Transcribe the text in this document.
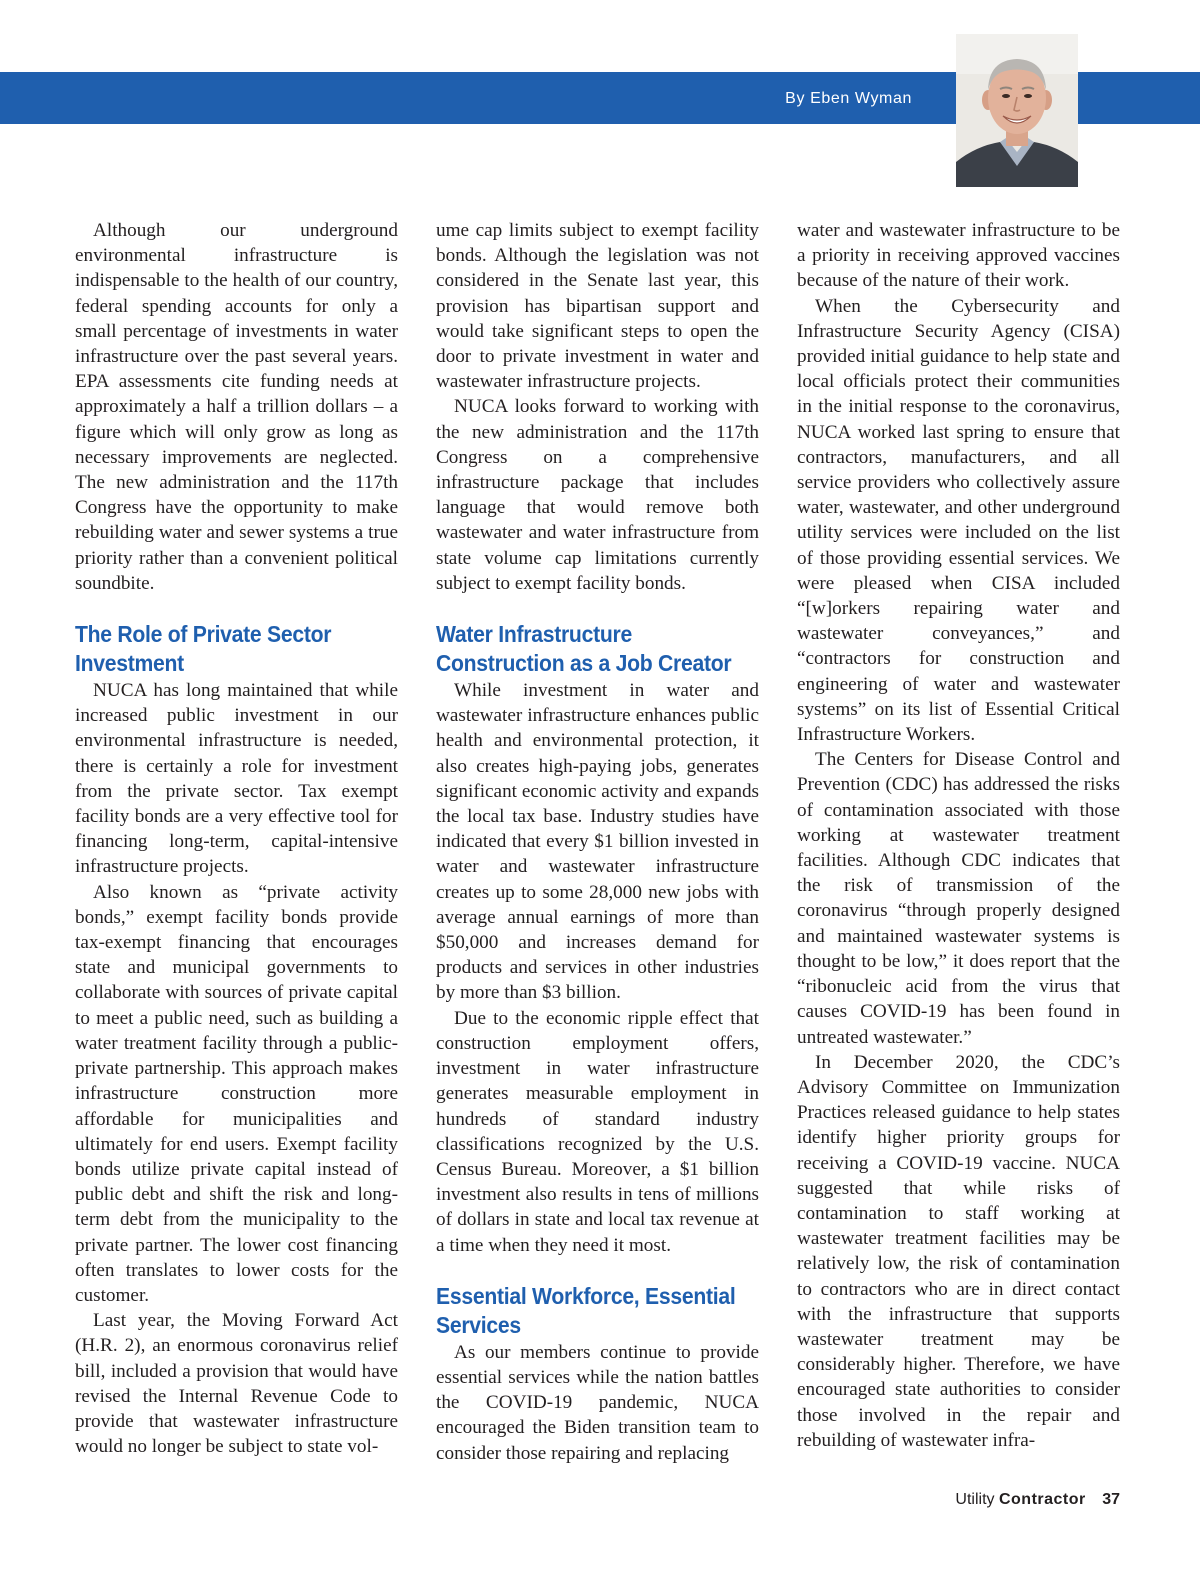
By Eben Wyman

Although our underground environmental infrastructure is indispensable to the health of our country, federal spending accounts for only a small percentage of investments in water infrastructure over the past several years. EPA assessments cite funding needs at approximately a half a trillion dollars – a figure which will only grow as long as necessary improvements are neglected. The new administration and the 117th Congress have the opportunity to make rebuilding water and sewer systems a true priority rather than a convenient political soundbite.

The Role of Private Sector Investment

NUCA has long maintained that while increased public investment in our environmental infrastructure is needed, there is certainly a role for investment from the private sector. Tax exempt facility bonds are a very effective tool for financing long-term, capital-intensive infrastructure projects.

Also known as “private activity bonds,” exempt facility bonds provide tax-exempt financing that encourages state and municipal governments to collaborate with sources of private capital to meet a public need, such as building a water treatment facility through a public-private partnership. This approach makes infrastructure construction more affordable for municipalities and ultimately for end users. Exempt facility bonds utilize private capital instead of public debt and shift the risk and long-term debt from the municipality to the private partner. The lower cost financing often translates to lower costs for the customer.

Last year, the Moving Forward Act (H.R. 2), an enormous coronavirus relief bill, included a provision that would have revised the Internal Revenue Code to provide that wastewater infrastructure would no longer be subject to state vol-

ume cap limits subject to exempt facility bonds. Although the legislation was not considered in the Senate last year, this provision has bipartisan support and would take significant steps to open the door to private investment in water and wastewater infrastructure projects.

NUCA looks forward to working with the new administration and the 117th Congress on a comprehensive infrastructure package that includes language that would remove both wastewater and water infrastructure from state volume cap limitations currently subject to exempt facility bonds.

Water Infrastructure Construction as a Job Creator

While investment in water and wastewater infrastructure enhances public health and environmental protection, it also creates high-paying jobs, generates significant economic activity and expands the local tax base. Industry studies have indicated that every $1 billion invested in water and wastewater infrastructure creates up to some 28,000 new jobs with average annual earnings of more than $50,000 and increases demand for products and services in other industries by more than $3 billion.

Due to the economic ripple effect that construction employment offers, investment in water infrastructure generates measurable employment in hundreds of standard industry classifications recognized by the U.S. Census Bureau. Moreover, a $1 billion investment also results in tens of millions of dollars in state and local tax revenue at a time when they need it most.

Essential Workforce, Essential Services

As our members continue to provide essential services while the nation battles the COVID-19 pandemic, NUCA encouraged the Biden transition team to consider those repairing and replacing

water and wastewater infrastructure to be a priority in receiving approved vaccines because of the nature of their work.

When the Cybersecurity and Infrastructure Security Agency (CISA) provided initial guidance to help state and local officials protect their communities in the initial response to the coronavirus, NUCA worked last spring to ensure that contractors, manufacturers, and all service providers who collectively assure water, wastewater, and other underground utility services were included on the list of those providing essential services. We were pleased when CISA included “[w]orkers repairing water and wastewater conveyances,” and “contractors for construction and engineering of water and wastewater systems” on its list of Essential Critical Infrastructure Workers.

The Centers for Disease Control and Prevention (CDC) has addressed the risks of contamination associated with those working at wastewater treatment facilities. Although CDC indicates that the risk of transmission of the coronavirus “through properly designed and maintained wastewater systems is thought to be low,” it does report that the “ribonucleic acid from the virus that causes COVID-19 has been found in untreated wastewater.”

In December 2020, the CDC’s Advisory Committee on Immunization Practices released guidance to help states identify higher priority groups for receiving a COVID-19 vaccine. NUCA suggested that while risks of contamination to staff working at wastewater treatment facilities may be relatively low, the risk of contamination to contractors who are in direct contact with the infrastructure that supports wastewater treatment may be considerably higher. Therefore, we have encouraged state authorities to consider those involved in the repair and rebuilding of wastewater infra-

Utility Contractor 37
